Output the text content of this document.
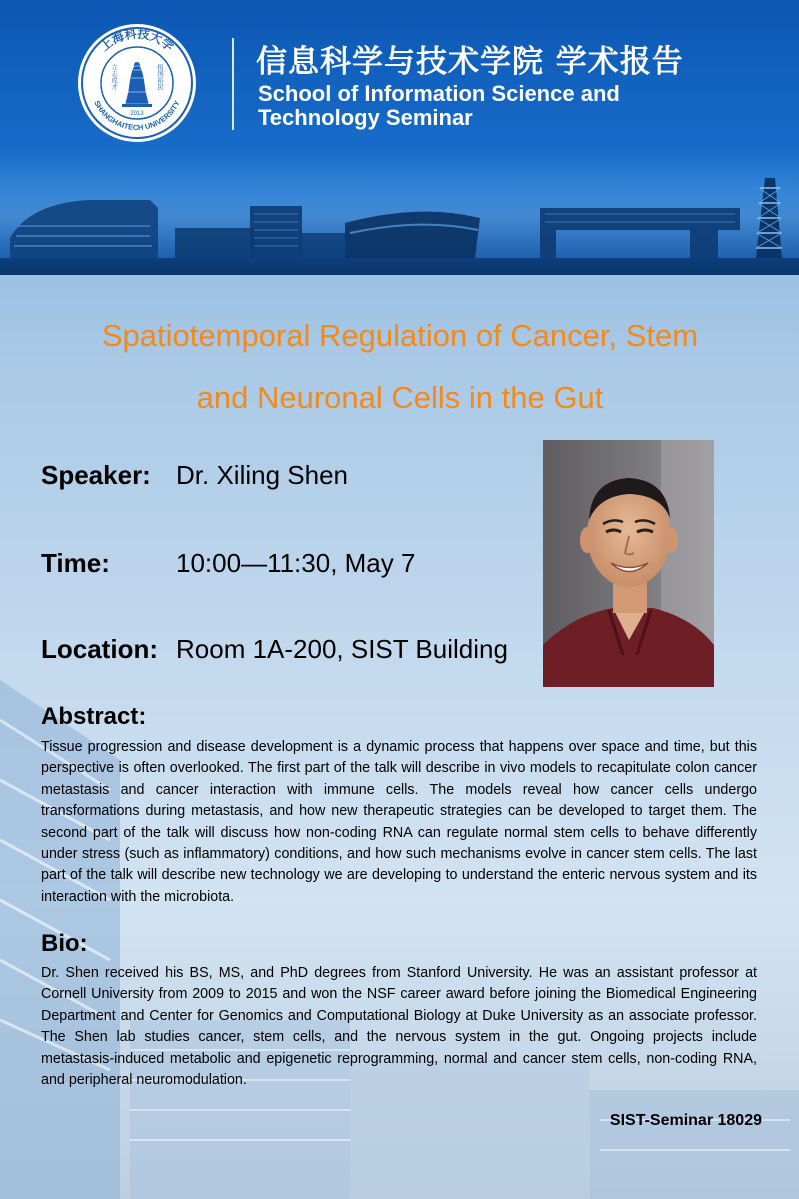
上海科技大学
SHANGHAITECH UNIVERSITY
立志成才	报国裕民
2013
信息科学与技术学院 学术报告
School of Information Science and
Technology Seminar
Spatiotemporal Regulation of Cancer, Stem
and Neuronal Cells in the Gut
Speaker: Dr. Xiling Shen
Time:	10:00—11:30, May 7
Location: Room 1A-200, SIST Building
Abstract:
Tissue progression and disease development is a dynamic process that happens over space and time, but this perspective is often overlooked. The first part of the talk will describe in vivo models to recapitulate colon cancer metastasis and cancer interaction with immune cells. The models reveal how cancer cells undergo transformations during metastasis, and how new therapeutic strategies can be developed to target them. The second part of the talk will discuss how non-coding RNA can regulate normal stem cells to behave differently under stress (such as inflammatory) conditions, and how such mechanisms evolve in cancer stem cells. The last part of the talk will describe new technology we are developing to understand the enteric nervous system and its interaction with the microbiota.
Bio:
Dr. Shen received his BS, MS, and PhD degrees from Stanford University. He was an assistant professor at Cornell University from 2009 to 2015 and won the NSF career award before joining the Biomedical Engineering Department and Center for Genomics and Computational Biology at Duke University as an associate professor. The Shen lab studies cancer, stem cells, and the nervous system in the gut. Ongoing projects include metastasis-induced metabolic and epigenetic reprogramming, normal and cancer stem cells, non-coding RNA, and peripheral neuromodulation.
SIST-Seminar 18029
